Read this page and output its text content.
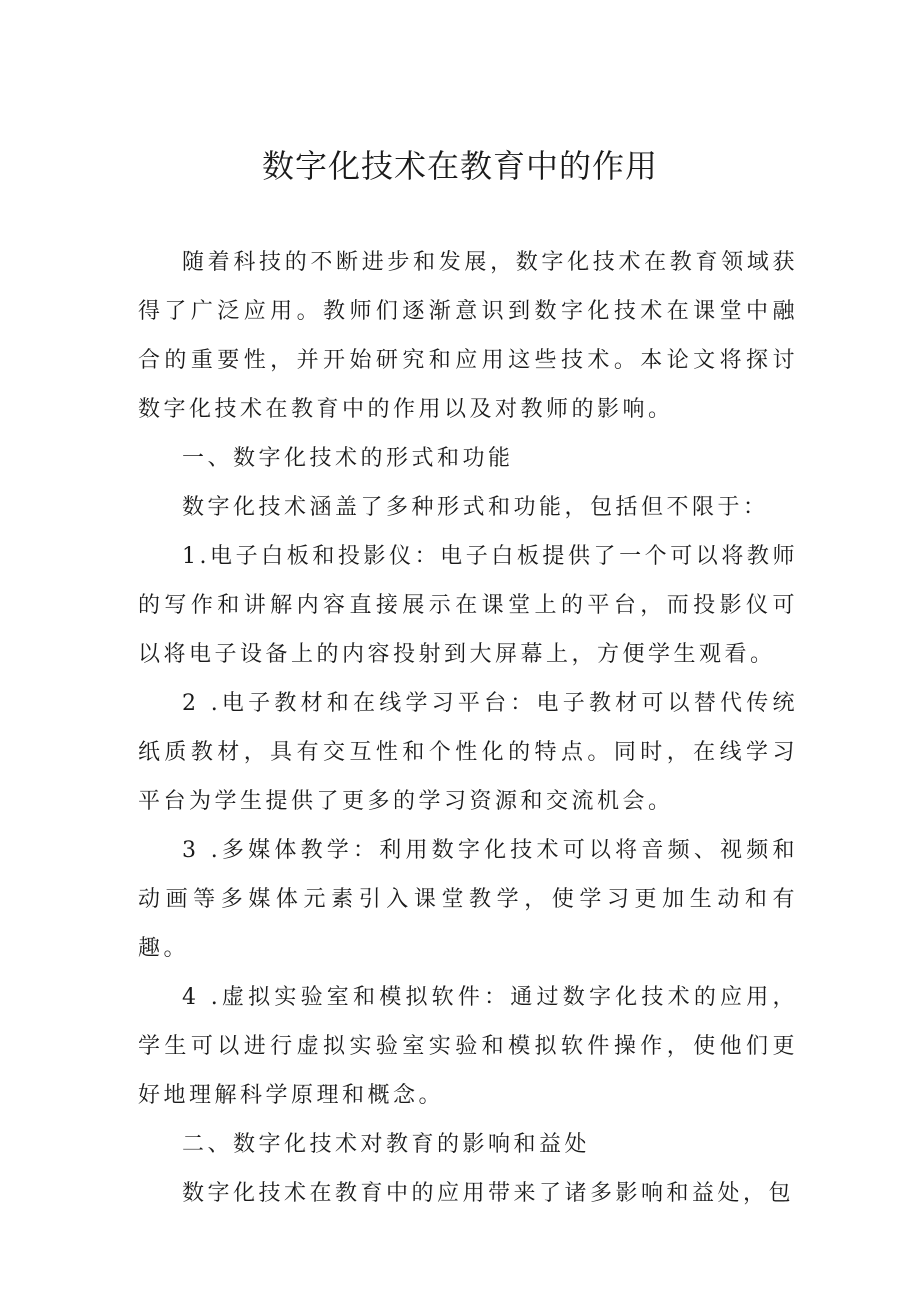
数字化技术在教育中的作用

随着科技的不断进步和发展，数字化技术在教育领域获得了广泛应用。教师们逐渐意识到数字化技术在课堂中融合的重要性，并开始研究和应用这些技术。本论文将探讨数字化技术在教育中的作用以及对教师的影响。

一、数字化技术的形式和功能

数字化技术涵盖了多种形式和功能，包括但不限于：

1.电子白板和投影仪：电子白板提供了一个可以将教师的写作和讲解内容直接展示在课堂上的平台，而投影仪可以将电子设备上的内容投射到大屏幕上，方便学生观看。

2 .电子教材和在线学习平台：电子教材可以替代传统纸质教材，具有交互性和个性化的特点。同时，在线学习平台为学生提供了更多的学习资源和交流机会。

3 .多媒体教学：利用数字化技术可以将音频、视频和动画等多媒体元素引入课堂教学，使学习更加生动和有趣。

4 .虚拟实验室和模拟软件：通过数字化技术的应用，学生可以进行虚拟实验室实验和模拟软件操作，使他们更好地理解科学原理和概念。

二、数字化技术对教育的影响和益处

数字化技术在教育中的应用带来了诸多影响和益处，包
